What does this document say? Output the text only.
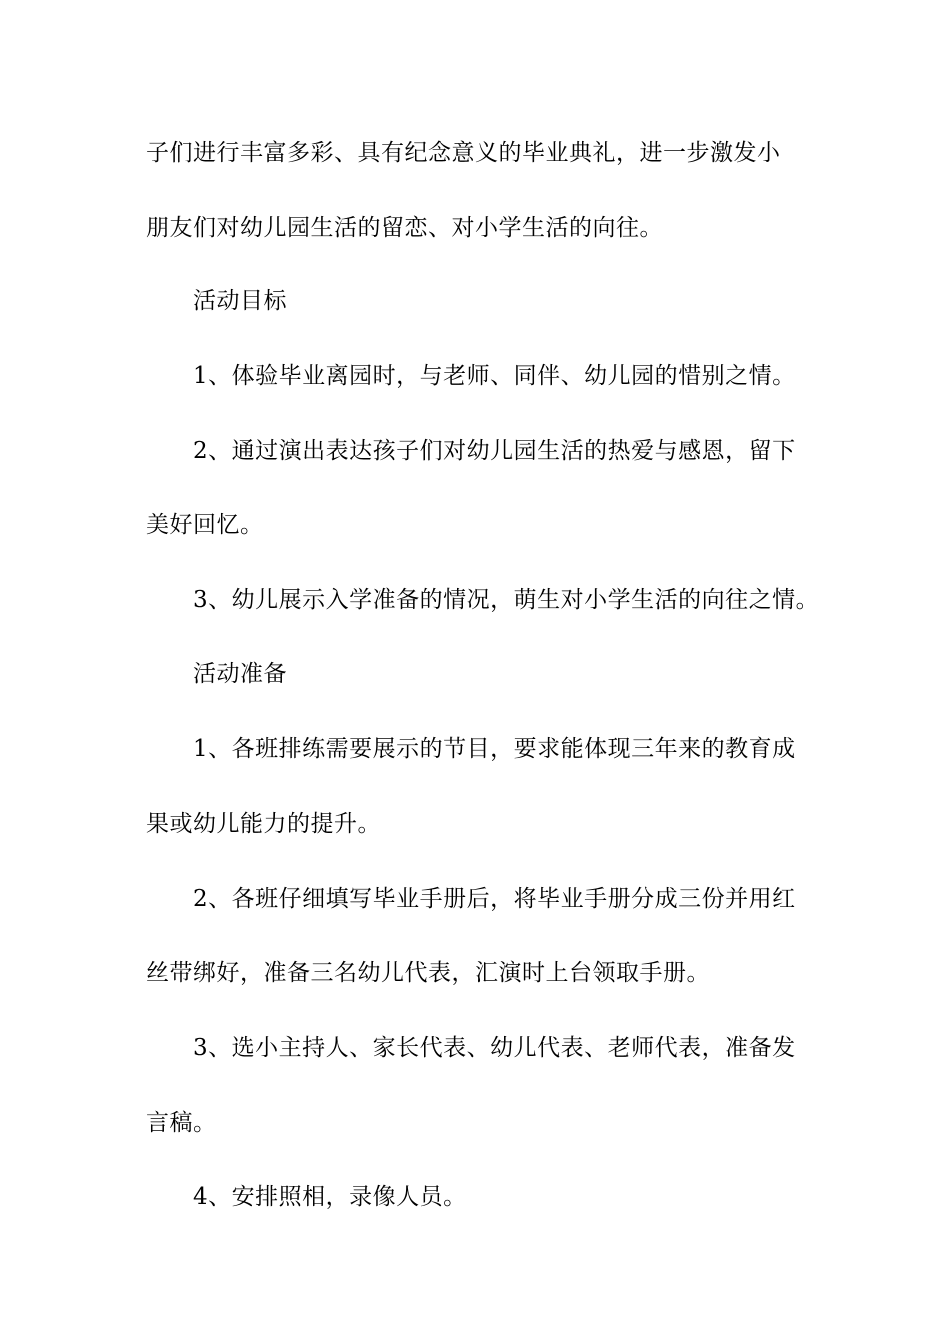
子们进行丰富多彩、具有纪念意义的毕业典礼，进一步激发小
朋友们对幼儿园生活的留恋、对小学生活的向往。
活动目标
1、体验毕业离园时，与老师、同伴、幼儿园的惜别之情。
2、通过演出表达孩子们对幼儿园生活的热爱与感恩，留下
美好回忆。
3、幼儿展示入学准备的情况，萌生对小学生活的向往之情。
活动准备
1、各班排练需要展示的节目，要求能体现三年来的教育成
果或幼儿能力的提升。
2、各班仔细填写毕业手册后，将毕业手册分成三份并用红
丝带绑好，准备三名幼儿代表，汇演时上台领取手册。
3、选小主持人、家长代表、幼儿代表、老师代表，准备发
言稿。
4、安排照相，录像人员。
